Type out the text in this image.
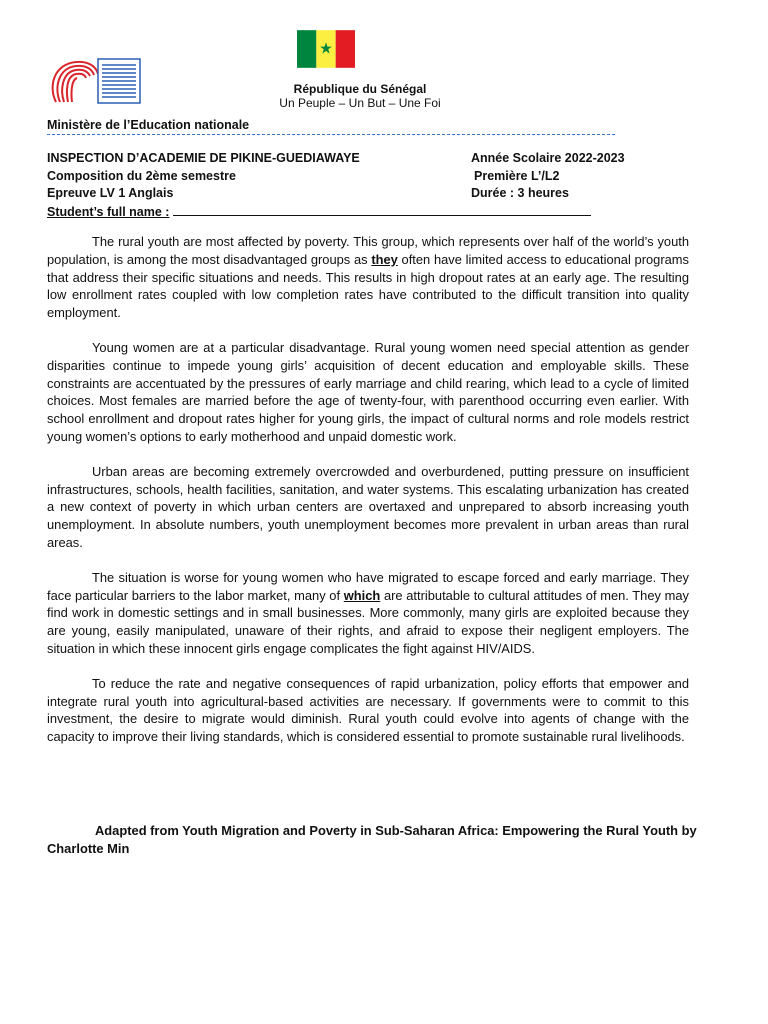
République du Sénégal
Un Peuple – Un But – Une Foi
Ministère de l’Education nationale
INSPECTION D’ACADEMIE DE PIKINE-GUEDIAWAYE	Année Scolaire 2022-2023
Composition du 2ème semestre	Première L’/L2
Epreuve LV 1 Anglais	Durée : 3 heures
Student’s full name :

The rural youth are most affected by poverty. This group, which represents over half of the world’s youth population, is among the most disadvantaged groups as they often have limited access to educational programs that address their specific situations and needs. This results in high dropout rates at an early age. The resulting low enrollment rates coupled with low completion rates have contributed to the difficult transition into quality employment.

Young women are at a particular disadvantage. Rural young women need special attention as gender disparities continue to impede young girls’ acquisition of decent education and employable skills. These constraints are accentuated by the pressures of early marriage and child rearing, which lead to a cycle of limited choices. Most females are married before the age of twenty-four, with parenthood occurring even earlier. With school enrollment and dropout rates higher for young girls, the impact of cultural norms and role models restrict young women’s options to early motherhood and unpaid domestic work.

Urban areas are becoming extremely overcrowded and overburdened, putting pressure on insufficient infrastructures, schools, health facilities, sanitation, and water systems. This escalating urbanization has created a new context of poverty in which urban centers are overtaxed and unprepared to absorb increasing youth unemployment. In absolute numbers, youth unemployment becomes more prevalent in urban areas than rural areas.

The situation is worse for young women who have migrated to escape forced and early marriage. They face particular barriers to the labor market, many of which are attributable to cultural attitudes of men. They may find work in domestic settings and in small businesses. More commonly, many girls are exploited because they are young, easily manipulated, unaware of their rights, and afraid to expose their negligent employers. The situation in which these innocent girls engage complicates the fight against HIV/AIDS.

To reduce the rate and negative consequences of rapid urbanization, policy efforts that empower and integrate rural youth into agricultural-based activities are necessary. If governments were to commit to this investment, the desire to migrate would diminish. Rural youth could evolve into agents of change with the capacity to improve their living standards, which is considered essential to promote sustainable rural livelihoods.

Adapted from Youth Migration and Poverty in Sub-Saharan Africa: Empowering the Rural Youth by Charlotte Min
